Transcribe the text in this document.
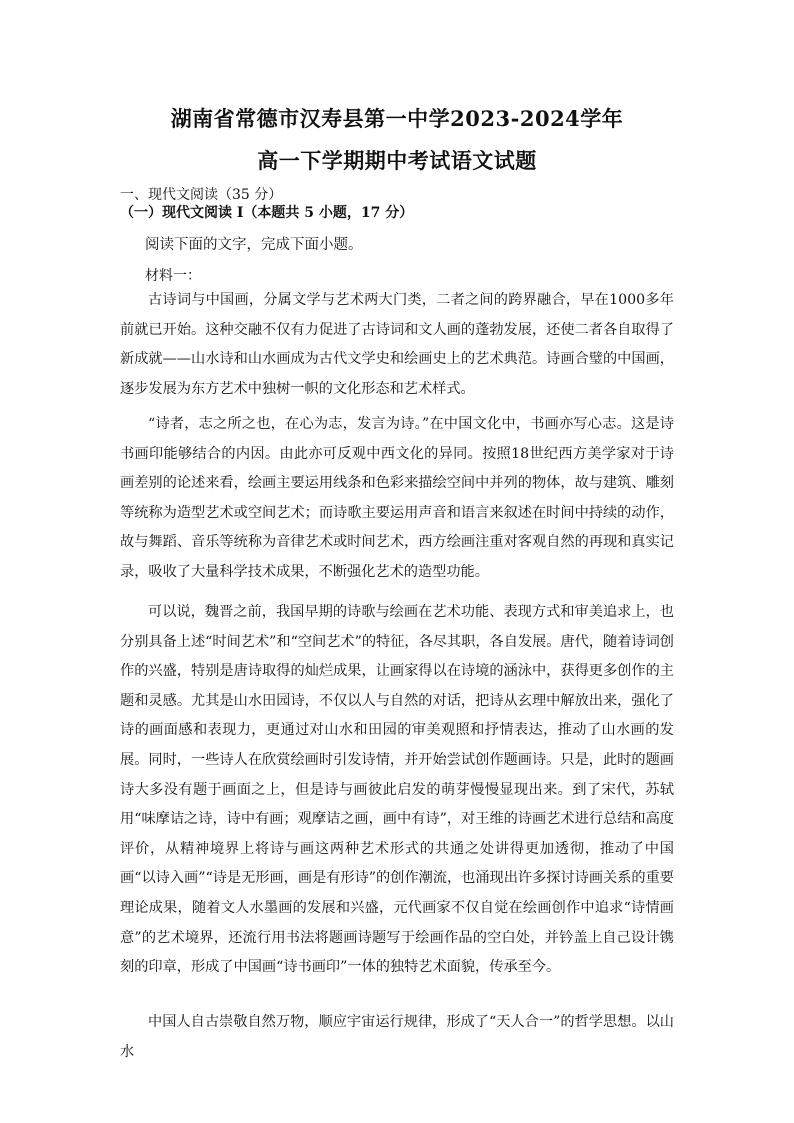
湖南省常德市汉寿县第一中学2023-2024学年
高一下学期期中考试语文试题
一、现代文阅读（35 分）
（一）现代文阅读 I（本题共 5 小题，17 分）
阅读下面的文字，完成下面小题。
材料一：

古诗词与中国画，分属文学与艺术两大门类，二者之间的跨界融合，早在1000多年前就已开始。这种交融不仅有力促进了古诗词和文人画的蓬勃发展，还使二者各自取得了新成就——山水诗和山水画成为古代文学史和绘画史上的艺术典范。诗画合璧的中国画，逐步发展为东方艺术中独树一帜的文化形态和艺术样式。

“诗者，志之所之也，在心为志，发言为诗。”在中国文化中，书画亦写心志。这是诗书画印能够结合的内因。由此亦可反观中西文化的异同。按照18世纪西方美学家对于诗画差别的论述来看，绘画主要运用线条和色彩来描绘空间中并列的物体，故与建筑、雕刻等统称为造型艺术或空间艺术；而诗歌主要运用声音和语言来叙述在时间中持续的动作，故与舞蹈、音乐等统称为音律艺术或时间艺术，西方绘画注重对客观自然的再现和真实记录，吸收了大量科学技术成果，不断强化艺术的造型功能。

可以说，魏晋之前，我国早期的诗歌与绘画在艺术功能、表现方式和审美追求上，也分别具备上述“时间艺术”和“空间艺术”的特征，各尽其职，各自发展。唐代，随着诗词创作的兴盛，特别是唐诗取得的灿烂成果，让画家得以在诗境的涵泳中，获得更多创作的主题和灵感。尤其是山水田园诗，不仅以人与自然的对话，把诗从玄理中解放出来，强化了诗的画面感和表现力，更通过对山水和田园的审美观照和抒情表达，推动了山水画的发展。同时，一些诗人在欣赏绘画时引发诗情，并开始尝试创作题画诗。只是，此时的题画诗大多没有题于画面之上，但是诗与画彼此启发的萌芽慢慢显现出来。到了宋代，苏轼用“味摩诘之诗，诗中有画；观摩诘之画，画中有诗”，对王维的诗画艺术进行总结和高度评价，从精神境界上将诗与画这两种艺术形式的共通之处讲得更加透彻，推动了中国画“以诗入画”“诗是无形画，画是有形诗”的创作潮流，也涌现出许多探讨诗画关系的重要理论成果，随着文人水墨画的发展和兴盛，元代画家不仅自觉在绘画创作中追求“诗情画意”的艺术境界，还流行用书法将题画诗题写于绘画作品的空白处，并钤盖上自己设计镌刻的印章，形成了中国画“诗书画印”一体的独特艺术面貌，传承至今。

中国人自古崇敬自然万物，顺应宇宙运行规律，形成了“天人合一”的哲学思想。以山水
